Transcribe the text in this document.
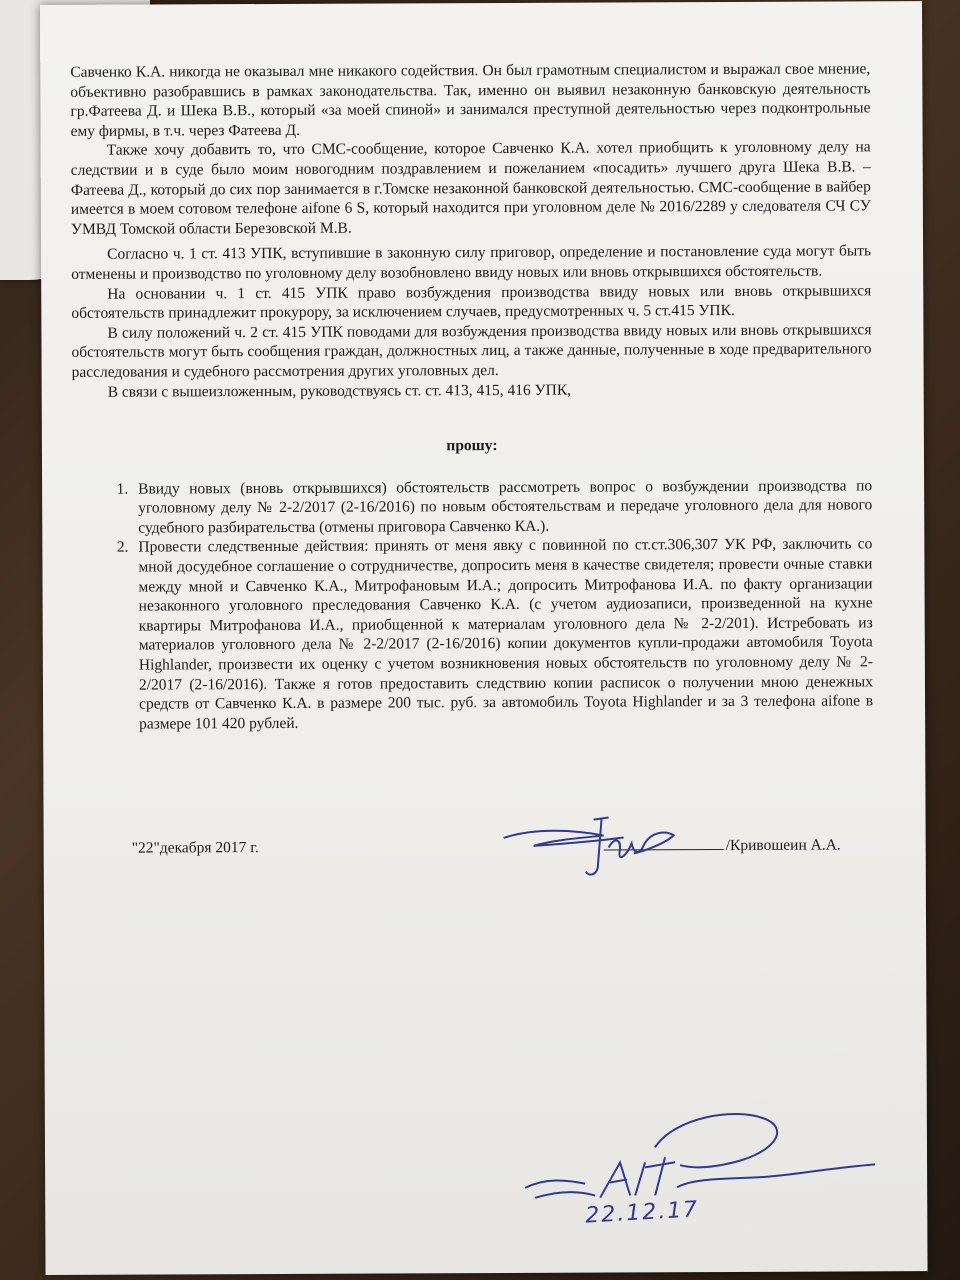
Савченко К.А. никогда не оказывал мне никакого содействия. Он был грамотным специалистом и выражал свое мнение, объективно разобравшись в рамках законодательства. Так, именно он выявил незаконную банковскую деятельность гр.Фатеева Д. и Шека В.В., который «за моей спиной» и занимался преступной деятельностью через подконтрольные ему фирмы, в т.ч. через Фатеева Д.

Также хочу добавить то, что СМС-сообщение, которое Савченко К.А. хотел приобщить к уголовному делу на следствии и в суде было моим новогодним поздравлением и пожеланием «посадить» лучшего друга Шека В.В. – Фатеева Д., который до сих пор занимается в г.Томске незаконной банковской деятельностью. СМС-сообщение в вайбер имеется в моем сотовом телефоне aifone 6 S, который находится при уголовном деле № 2016/2289 у следователя СЧ СУ УМВД Томской области Березовской М.В.

Согласно ч. 1 ст. 413 УПК, вступившие в законную силу приговор, определение и постановление суда могут быть отменены и производство по уголовному делу возобновлено ввиду новых или вновь открывшихся обстоятельств.

На основании ч. 1 ст. 415 УПК право возбуждения производства ввиду новых или вновь открывшихся обстоятельств принадлежит прокурору, за исключением случаев, предусмотренных ч. 5 ст.415 УПК.

В силу положений ч. 2 ст. 415 УПК поводами для возбуждения производства ввиду новых или вновь открывшихся обстоятельств могут быть сообщения граждан, должностных лиц, а также данные, полученные в ходе предварительного расследования и судебного рассмотрения других уголовных дел.

В связи с вышеизложенным, руководствуясь ст. ст. 413, 415, 416 УПК,

прошу:

1. Ввиду новых (вновь открывшихся) обстоятельств рассмотреть вопрос о возбуждении производства по уголовному делу № 2-2/2017 (2-16/2016) по новым обстоятельствам и передаче уголовного дела для нового судебного разбирательства (отмены приговора Савченко КА.).
2. Провести следственные действия: принять от меня явку с повинной по ст.ст.306,307 УК РФ, заключить со мной досудебное соглашение о сотрудничестве, допросить меня в качестве свидетеля; провести очные ставки между мной и Савченко К.А., Митрофановым И.А.; допросить Митрофанова И.А. по факту организации незаконного уголовного преследования Савченко К.А. (с учетом аудиозаписи, произведенной на кухне квартиры Митрофанова И.А., приобщенной к материалам уголовного дела № 2-2/201). Истребовать из материалов уголовного дела № 2-2/2017 (2-16/2016) копии документов купли-продажи автомобиля Toyota Highlander, произвести их оценку с учетом возникновения новых обстоятельств по уголовному делу № 2-2/2017 (2-16/2016). Также я готов предоставить следствию копии расписок о получении мною денежных средств от Савченко К.А. в размере 200 тыс. руб. за автомобиль Toyota Highlander и за 3 телефона aifone в размере 101 420 рублей.
"22"декабря 2017 г.	/Кривошеин А.А.
22.12.17
